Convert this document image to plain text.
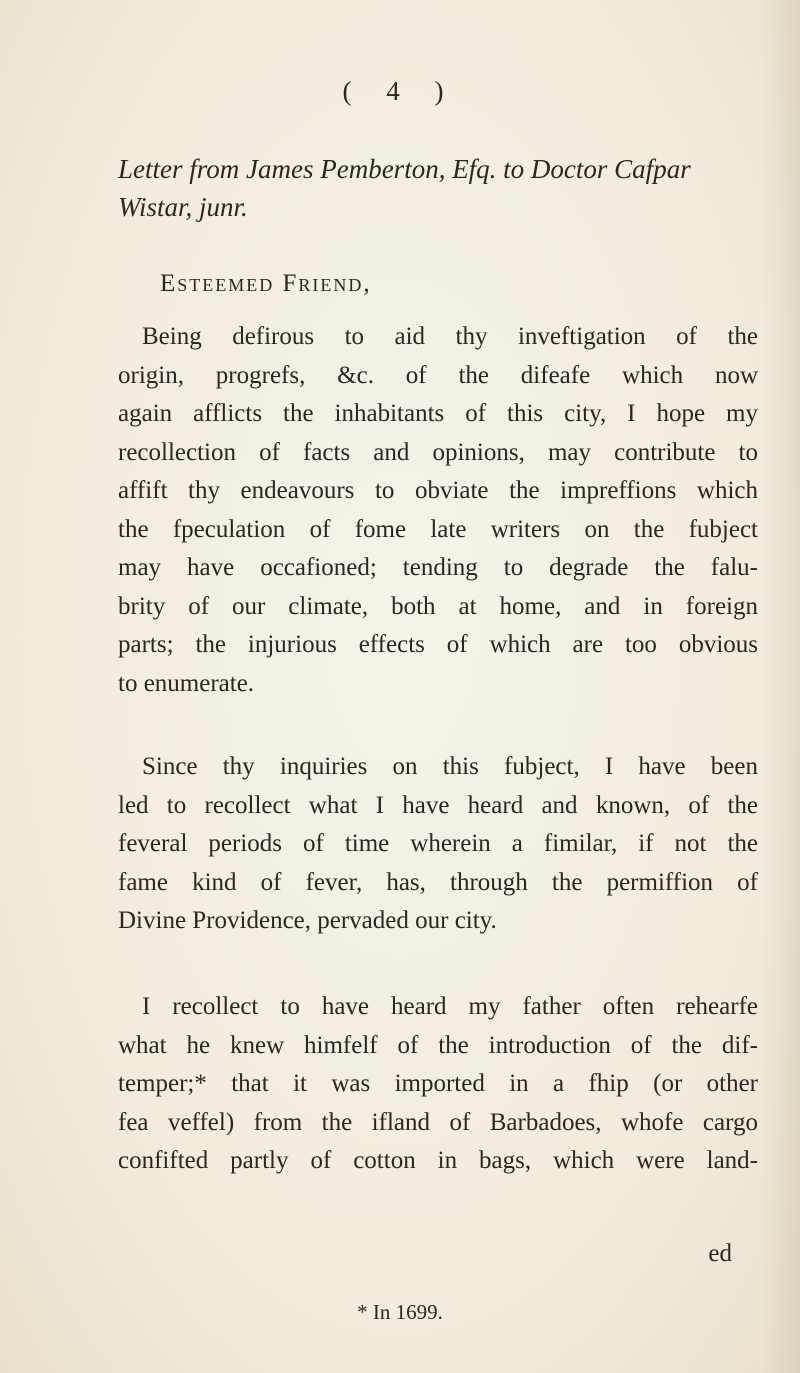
( 4 )
Letter from James Pemberton, Efq. to Doctor Cafpar
Wistar, junr.
Esteemed Friend,
Being defirous to aid thy inveftigation of the
origin, progrefs, &c. of the difeafe which now
again afflicts the inhabitants of this city, I hope my
recollection of facts and opinions, may contribute to
affift thy endeavours to obviate the impreffions which
the fpeculation of fome late writers on the fubject
may have occafioned; tending to degrade the falu-
brity of our climate, both at home, and in foreign
parts; the injurious effects of which are too obvious
to enumerate.
Since thy inquiries on this fubject, I have been
led to recollect what I have heard and known, of the
feveral periods of time wherein a fimilar, if not the
fame kind of fever, has, through the permiffion of
Divine Providence, pervaded our city.
I recollect to have heard my father often rehearfe
what he knew himfelf of the introduction of the dif-
temper;* that it was imported in a fhip (or other
fea veffel) from the ifland of Barbadoes, whofe cargo
confifted partly of cotton in bags, which were land-
ed
* In 1699.
